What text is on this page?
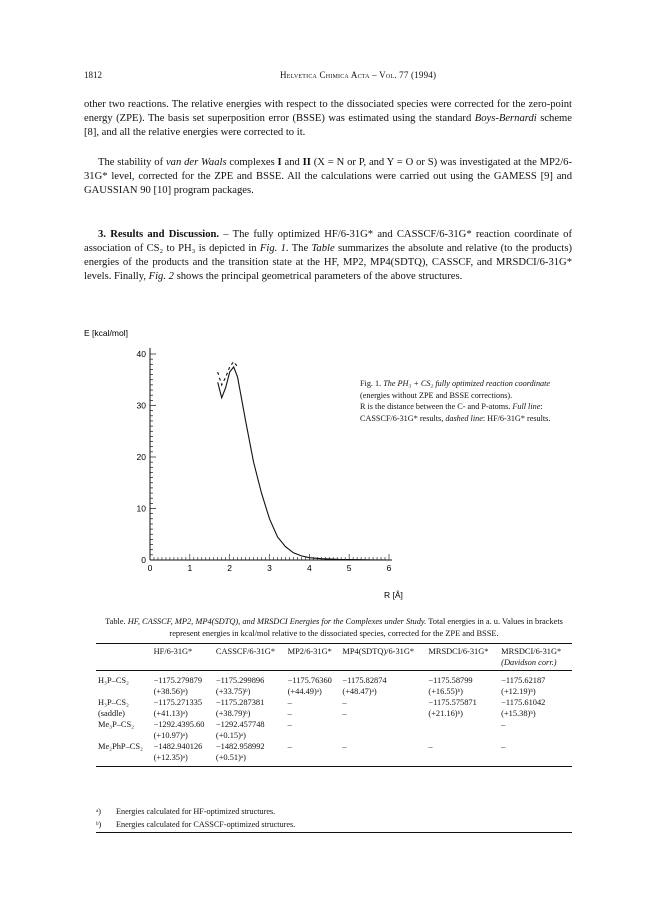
1812	Helvetica Chimica Acta – Vol. 77 (1994)
other two reactions. The relative energies with respect to the dissociated species were corrected for the zero-point energy (ZPE). The basis set superposition error (BSSE) was estimated using the standard Boys-Bernardi scheme [8], and all the relative energies were corrected to it.
The stability of van der Waals complexes I and II (X = N or P, and Y = O or S) was investigated at the MP2/6-31G* level, corrected for the ZPE and BSSE. All the calculations were carried out using the GAMESS [9] and GAUSSIAN 90 [10] program packages.
3. Results and Discussion. – The fully optimized HF/6-31G* and CASSCF/6-31G* reaction coordinate of association of CS₂ to PH₃ is depicted in Fig. 1. The Table summarizes the absolute and relative (to the products) energies of the products and the transition state at the HF, MP2, MP4(SDTQ), CASSCF, and MRSDCI/6-31G* levels. Finally, Fig. 2 shows the principal geometrical parameters of the above structures.
0
10
20
30
40
0	1	2	3	4	5	6
E [kcal/mol]
R [Å]
Fig. 1. The PH₃ + CS₂ fully optimized reaction coordinate (energies without ZPE and BSSE corrections).
R is the distance between the C- and P-atoms. Full line: CASSCF/6-31G* results, dashed line: HF/6-31G* results.
Table. HF, CASSCF, MP2, MP4(SDTQ), and MRSDCI Energies for the Complexes under Study. Total energies in a. u. Values in brackets represent energies in kcal/mol relative to the dissociated species, corrected for the ZPE and BSSE.
	HF/6-31G*	CASSCF/6-31G*	MP2/6-31G*	MP4(SDTQ)/6-31G*	MRSDCI/6-31G*	MRSDCI/6-31G*
(Davidson corr.)
H₃P–CS₂	−1175.279879	−1175.299896	−1175.76360	−1175.82874	−1175.58799	−1175.62187
	(+38.56)ᵃ)	(+33.75)ᵇ)	(+44.49)ᵃ)	(+48.47)ᵃ)	(+16.55)ᵇ)	(+12.19)ᵇ)
H₃P–CS₂	−1175.271335	−1175.287381	–	–	−1175.575871	−1175.61042
(saddle)	(+41.13)ᵃ)	(+38.79)ᵇ)	–	–	(+21.16)ᵇ)	(+15.38)ᵇ)
Me₃P–CS₂	−1292.4395.60	−1292.457748	–			–
	(+10.97)ᵃ)	(+0.15)ᵃ)				
Me₂PhP–CS₂	−1482.940126	−1482.958992	–	–	–	–
	(+12.35)ᵃ)	(+0.51)ᵃ)				
ᵃ) Energies calculated for HF-optimized structures.
ᵇ) Energies calculated for CASSCF-optimized structures.
